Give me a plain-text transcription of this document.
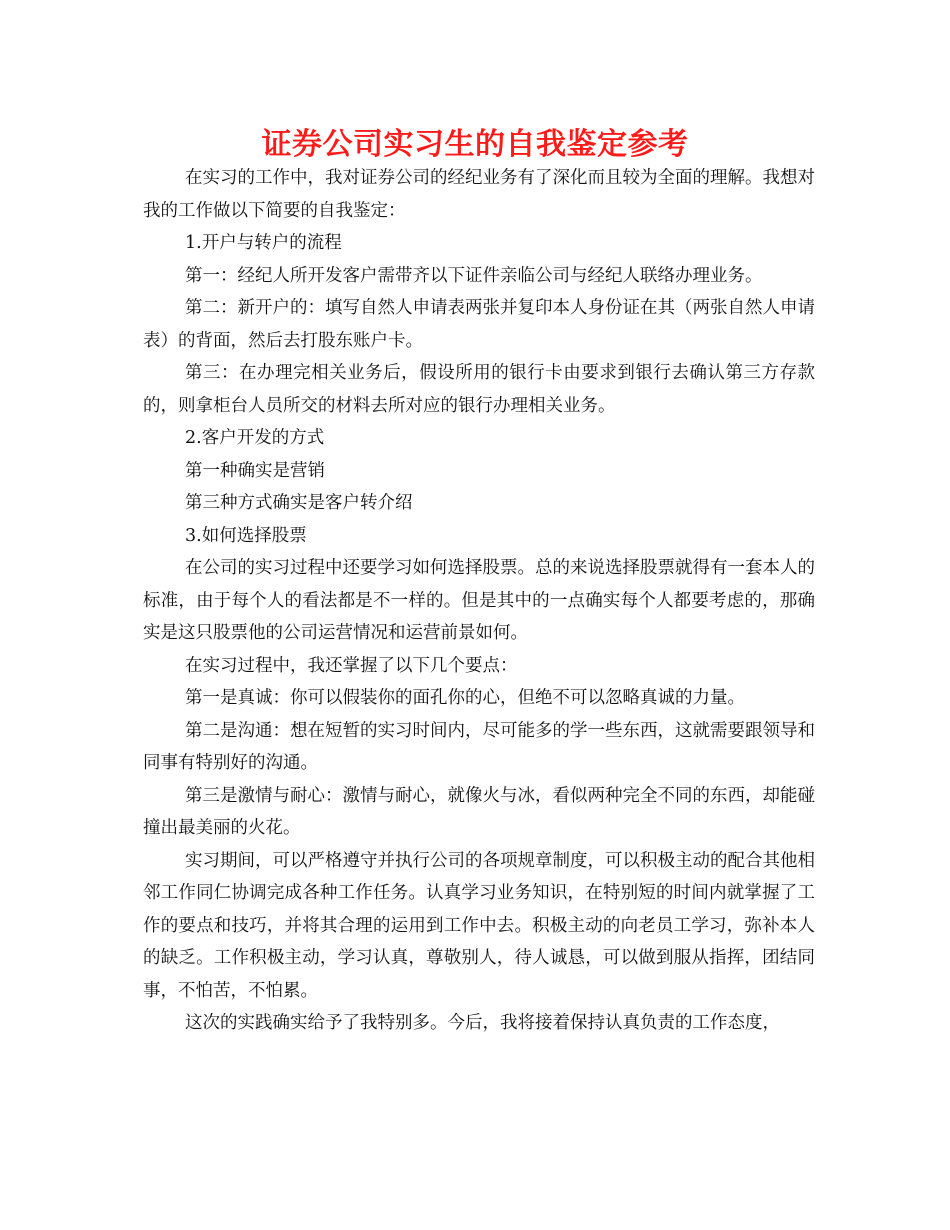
证券公司实习生的自我鉴定参考

在实习的工作中，我对证券公司的经纪业务有了深化而且较为全面的理解。我想对我的工作做以下简要的自我鉴定：

1.开户与转户的流程

第一：经纪人所开发客户需带齐以下证件亲临公司与经纪人联络办理业务。

第二：新开户的：填写自然人申请表两张并复印本人身份证在其（两张自然人申请表）的背面，然后去打股东账户卡。

第三：在办理完相关业务后，假设所用的银行卡由要求到银行去确认第三方存款的，则拿柜台人员所交的材料去所对应的银行办理相关业务。

2.客户开发的方式

第一种确实是营销

第三种方式确实是客户转介绍

3.如何选择股票

在公司的实习过程中还要学习如何选择股票。总的来说选择股票就得有一套本人的标准，由于每个人的看法都是不一样的。但是其中的一点确实每个人都要考虑的，那确实是这只股票他的公司运营情况和运营前景如何。

在实习过程中，我还掌握了以下几个要点：

第一是真诚：你可以假装你的面孔你的心，但绝不可以忽略真诚的力量。

第二是沟通：想在短暂的实习时间内，尽可能多的学一些东西，这就需要跟领导和同事有特别好的沟通。

第三是激情与耐心：激情与耐心，就像火与冰，看似两种完全不同的东西，却能碰撞出最美丽的火花。

实习期间，可以严格遵守并执行公司的各项规章制度，可以积极主动的配合其他相邻工作同仁协调完成各种工作任务。认真学习业务知识，在特别短的时间内就掌握了工作的要点和技巧，并将其合理的运用到工作中去。积极主动的向老员工学习，弥补本人的缺乏。工作积极主动，学习认真，尊敬别人，待人诚恳，可以做到服从指挥，团结同事，不怕苦，不怕累。

这次的实践确实给予了我特别多。今后，我将接着保持认真负责的工作态度，
